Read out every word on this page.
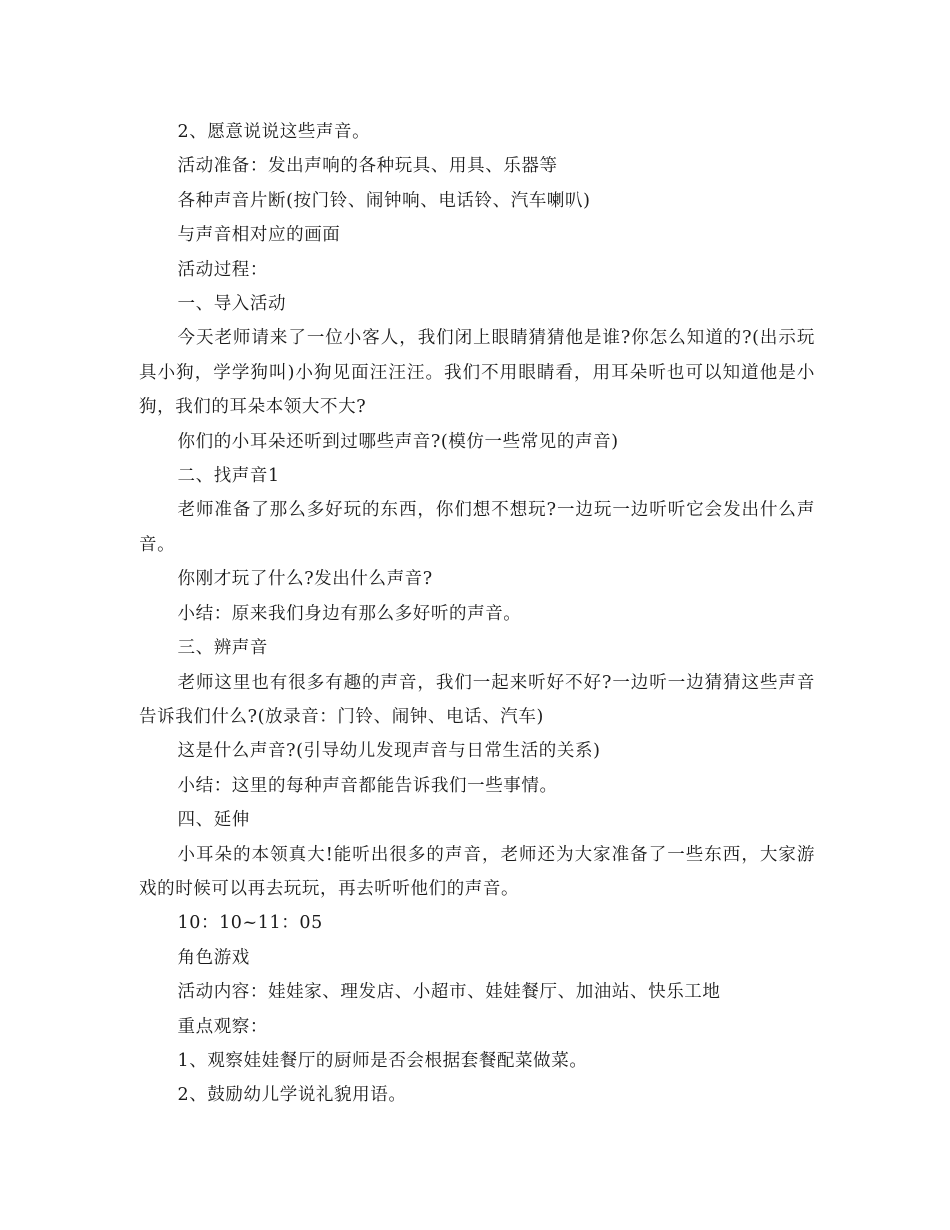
2、愿意说说这些声音。

活动准备：发出声响的各种玩具、用具、乐器等

各种声音片断(按门铃、闹钟响、电话铃、汽车喇叭)

与声音相对应的画面

活动过程：

一、导入活动

今天老师请来了一位小客人，我们闭上眼睛猜猜他是谁?你怎么知道的?(出示玩具小狗，学学狗叫)小狗见面汪汪汪。我们不用眼睛看，用耳朵听也可以知道他是小狗，我们的耳朵本领大不大?

你们的小耳朵还听到过哪些声音?(模仿一些常见的声音)

二、找声音1

老师准备了那么多好玩的东西，你们想不想玩?一边玩一边听听它会发出什么声音。

你刚才玩了什么?发出什么声音?

小结：原来我们身边有那么多好听的声音。

三、辨声音

老师这里也有很多有趣的声音，我们一起来听好不好?一边听一边猜猜这些声音告诉我们什么?(放录音：门铃、闹钟、电话、汽车)

这是什么声音?(引导幼儿发现声音与日常生活的关系)

小结：这里的每种声音都能告诉我们一些事情。

四、延伸

小耳朵的本领真大!能听出很多的声音，老师还为大家准备了一些东西，大家游戏的时候可以再去玩玩，再去听听他们的声音。

10：10~11：05

角色游戏

活动内容：娃娃家、理发店、小超市、娃娃餐厅、加油站、快乐工地

重点观察：

1、观察娃娃餐厅的厨师是否会根据套餐配菜做菜。

2、鼓励幼儿学说礼貌用语。
